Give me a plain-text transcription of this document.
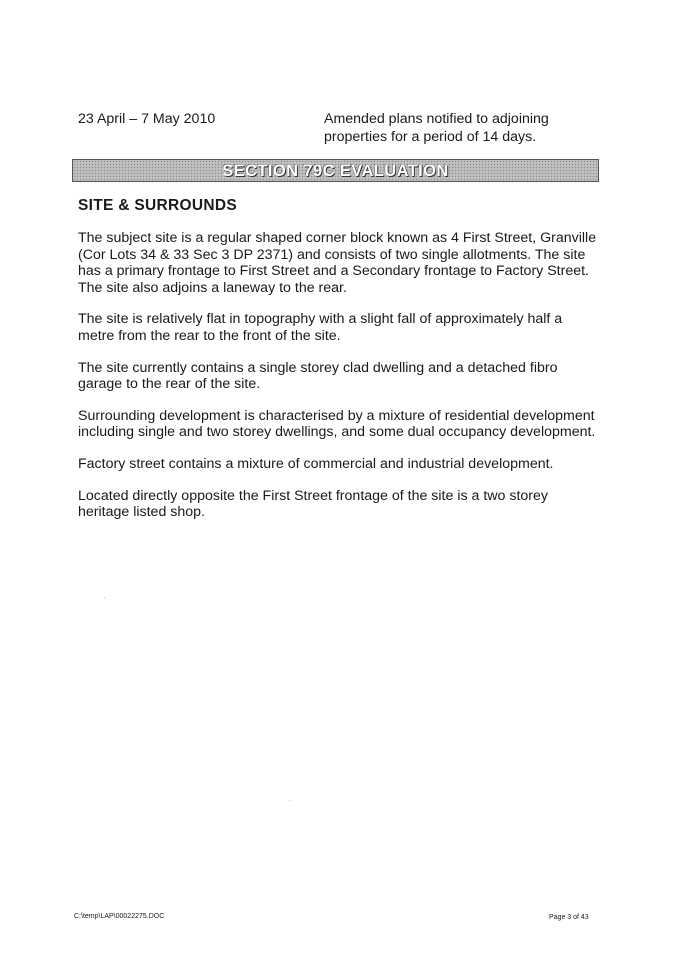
23 April – 7 May 2010	Amended plans notified to adjoining properties for a period of 14 days.
SECTION 79C EVALUATION
SITE & SURROUNDS

The subject site is a regular shaped corner block known as 4 First Street, Granville (Cor Lots 34 & 33 Sec 3 DP 2371) and consists of two single allotments. The site has a primary frontage to First Street and a Secondary frontage to Factory Street. The site also adjoins a laneway to the rear.

The site is relatively flat in topography with a slight fall of approximately half a metre from the rear to the front of the site.

The site currently contains a single storey clad dwelling and a detached fibro garage to the rear of the site.

Surrounding development is characterised by a mixture of residential development including single and two storey dwellings, and some dual occupancy development.

Factory street contains a mixture of commercial and industrial development.

Located directly opposite the First Street frontage of the site is a two storey heritage listed shop.

C:\temp\LAP\00022275.DOC	Page 3 of 43
